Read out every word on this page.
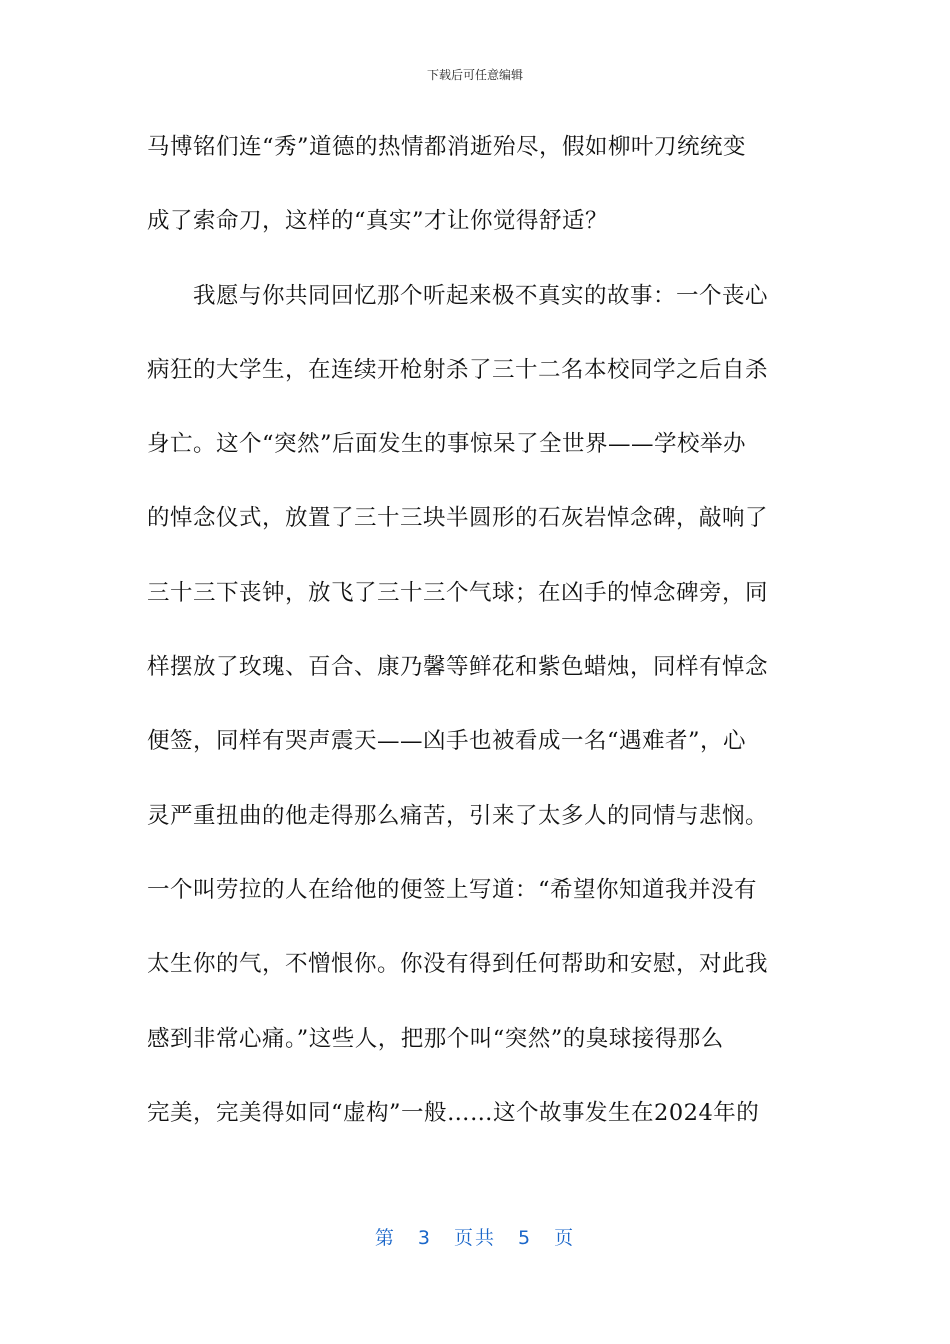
下载后可任意编辑
马博铭们连“秀”道德的热情都消逝殆尽，假如柳叶刀统统变
成了索命刀，这样的“真实”才让你觉得舒适？
我愿与你共同回忆那个听起来极不真实的故事：一个丧心
病狂的大学生，在连续开枪射杀了三十二名本校同学之后自杀
身亡。这个“突然”后面发生的事惊呆了全世界——学校举办
的悼念仪式，放置了三十三块半圆形的石灰岩悼念碑，敲响了
三十三下丧钟，放飞了三十三个气球；在凶手的悼念碑旁，同
样摆放了玫瑰、百合、康乃馨等鲜花和紫色蜡烛，同样有悼念
便签，同样有哭声震天——凶手也被看成一名“遇难者”，心
灵严重扭曲的他走得那么痛苦，引来了太多人的同情与悲悯。
一个叫劳拉的人在给他的便签上写道：“希望你知道我并没有
太生你的气，不憎恨你。你没有得到任何帮助和安慰，对此我
感到非常心痛。”这些人，把那个叫“突然”的臭球接得那么
完美，完美得如同“虚构”一般……这个故事发生在2024年的
第 3 页共 5 页
